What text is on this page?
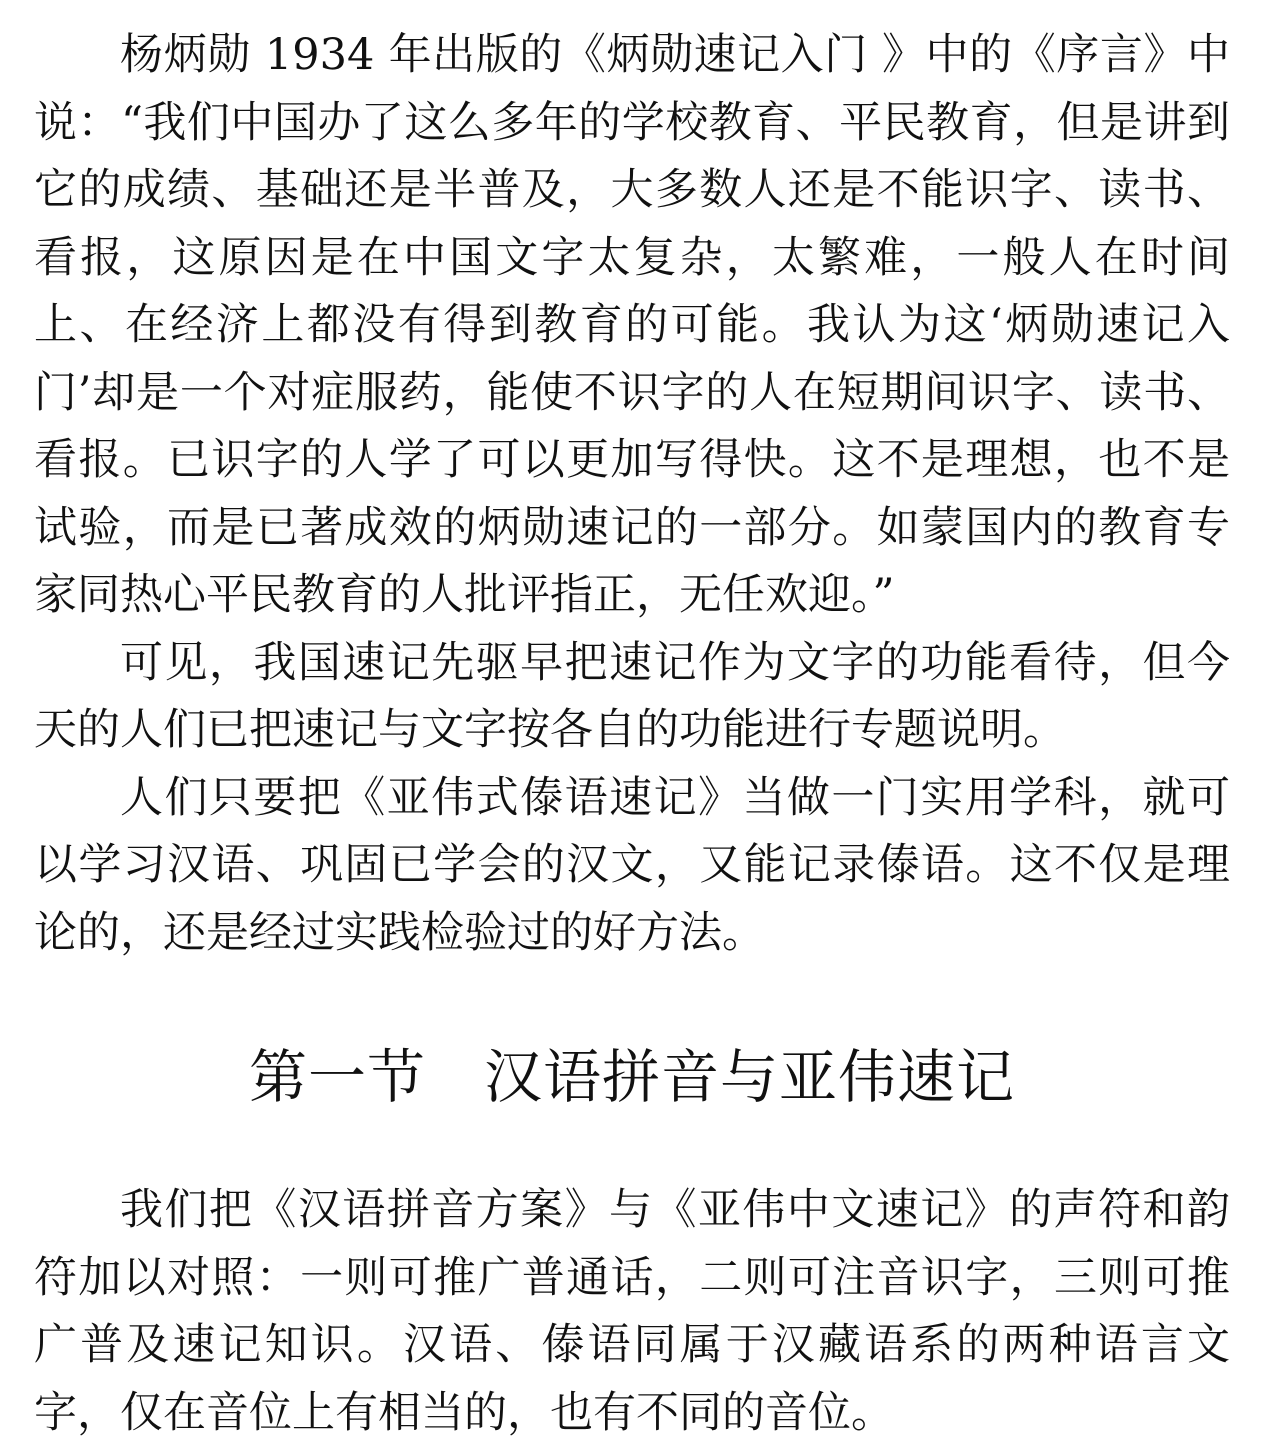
杨炳勋 1934 年出版的《炳勋速记入门 》中的《序言》中说：“我们中国办了这么多年的学校教育、平民教育，但是讲到它的成绩、基础还是半普及，大多数人还是不能识字、读书、看报，这原因是在中国文字太复杂，太繁难，一般人在时间上、在经济上都没有得到教育的可能。我认为这‘炳勋速记入门’却是一个对症服药，能使不识字的人在短期间识字、读书、看报。已识字的人学了可以更加写得快。这不是理想，也不是试验，而是已著成效的炳勋速记的一部分。如蒙国内的教育专家同热心平民教育的人批评指正，无任欢迎。”

可见，我国速记先驱早把速记作为文字的功能看待，但今天的人们已把速记与文字按各自的功能进行专题说明。

人们只要把《亚伟式傣语速记》当做一门实用学科，就可以学习汉语、巩固已学会的汉文，又能记录傣语。这不仅是理论的，还是经过实践检验过的好方法。

第一节 汉语拼音与亚伟速记

我们把《汉语拼音方案》与《亚伟中文速记》的声符和韵符加以对照：一则可推广普通话，二则可注音识字，三则可推广普及速记知识。汉语、傣语同属于汉藏语系的两种语言文字，仅在音位上有相当的，也有不同的音位。
